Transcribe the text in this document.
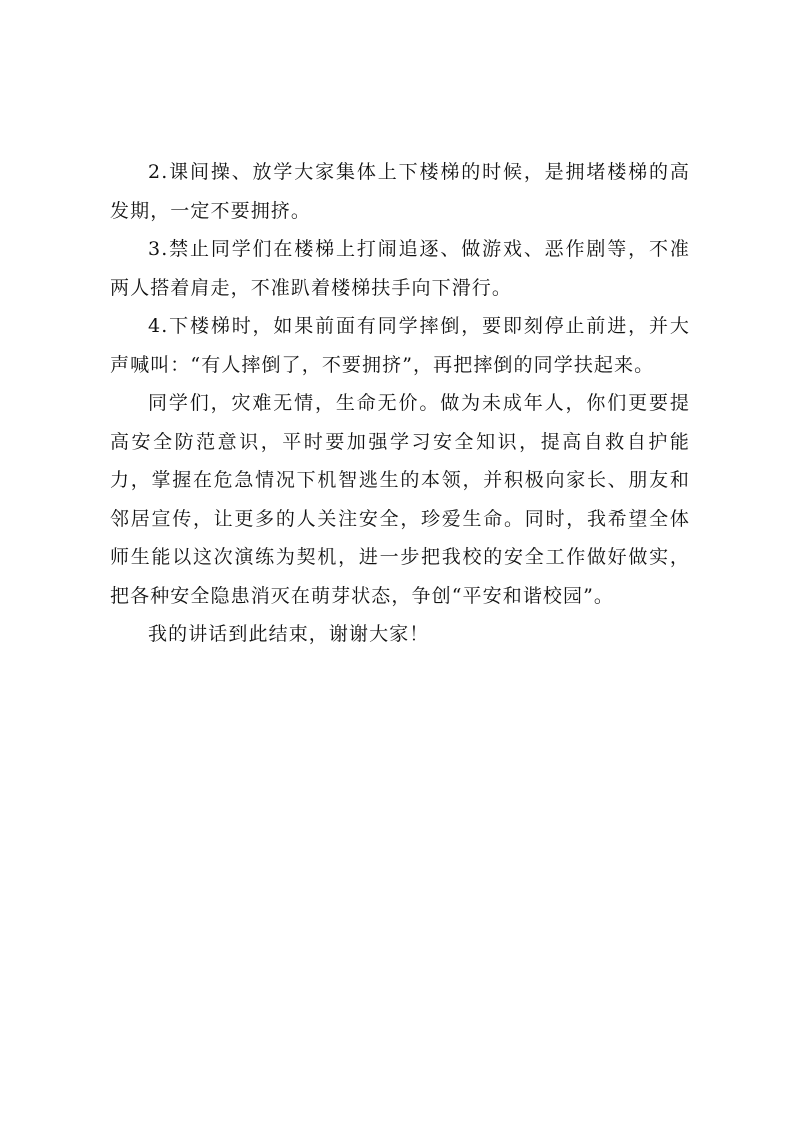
2.课间操、放学大家集体上下楼梯的时候，是拥堵楼梯的高发期，一定不要拥挤。

3.禁止同学们在楼梯上打闹追逐、做游戏、恶作剧等，不准两人搭着肩走，不准趴着楼梯扶手向下滑行。

4.下楼梯时，如果前面有同学摔倒，要即刻停止前进，并大声喊叫：“有人摔倒了，不要拥挤”，再把摔倒的同学扶起来。

同学们，灾难无情，生命无价。做为未成年人，你们更要提高安全防范意识，平时要加强学习安全知识，提高自救自护能力，掌握在危急情况下机智逃生的本领，并积极向家长、朋友和邻居宣传，让更多的人关注安全，珍爱生命。同时，我希望全体师生能以这次演练为契机，进一步把我校的安全工作做好做实，把各种安全隐患消灭在萌芽状态，争创“平安和谐校园”。

我的讲话到此结束，谢谢大家！
